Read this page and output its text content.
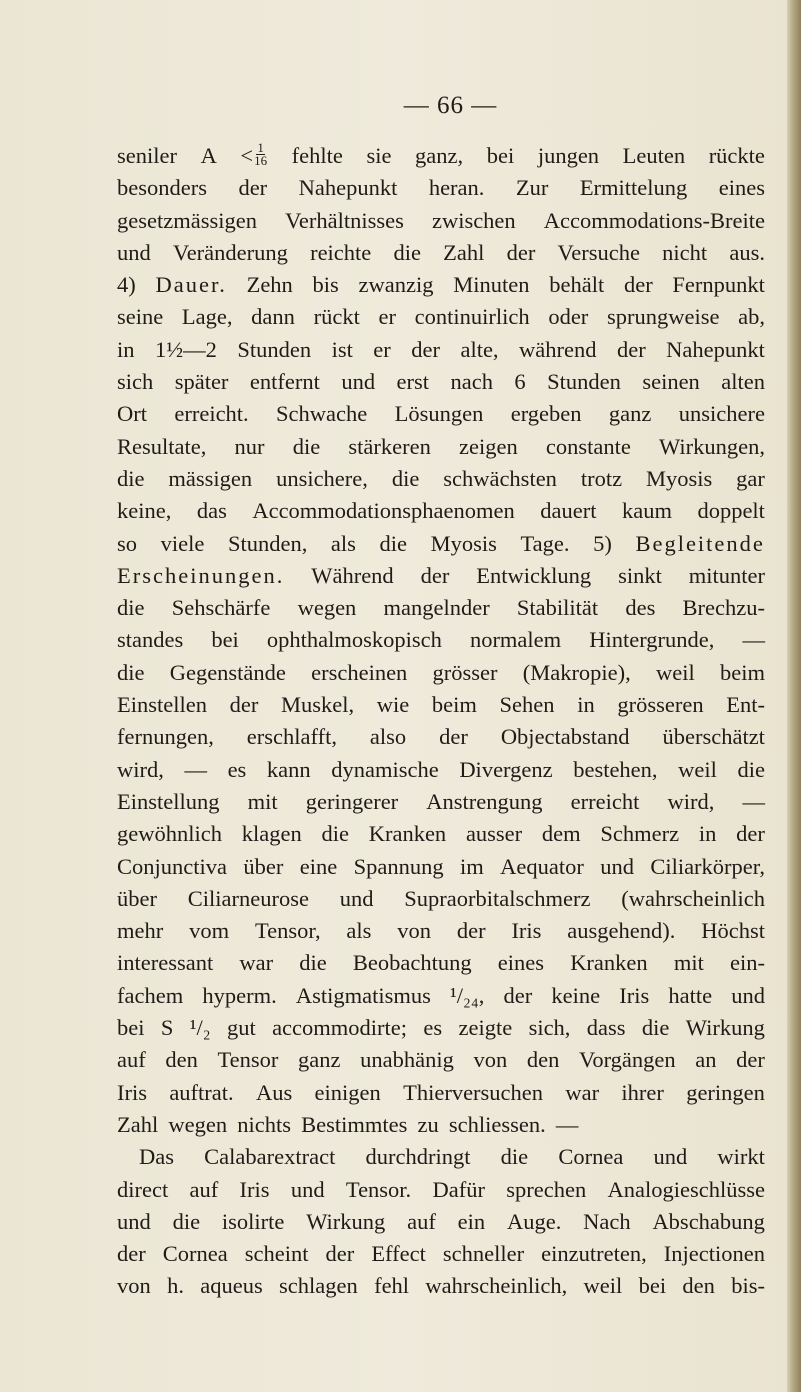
— 66 —
seniler $A < \frac{1}{16}$ fehlte sie ganz, bei jungen Leuten rückte
besonders der Nahepunkt heran. Zur Ermittelung eines
gesetzmässigen Verhältnisses zwischen Accommodations-Breite
und Veränderung reichte die Zahl der Versuche nicht aus.
4) Dauer. Zehn bis zwanzig Minuten behält der Fernpunkt
seine Lage, dann rückt er continuirlich oder sprungweise ab,
in 1½—2 Stunden ist er der alte, während der Nahepunkt
sich später entfernt und erst nach 6 Stunden seinen alten
Ort erreicht. Schwache Lösungen ergeben ganz unsichere
Resultate, nur die stärkeren zeigen constante Wirkungen,
die mässigen unsichere, die schwächsten trotz Myosis gar
keine, das Accommodationsphaenomen dauert kaum doppelt
so viele Stunden, als die Myosis Tage. 5) Begleitende
Erscheinungen. Während der Entwicklung sinkt mitunter
die Sehschärfe wegen mangelnder Stabilität des Brechzu-
standes bei ophthalmoskopisch normalem Hintergrunde, —
die Gegenstände erscheinen grösser (Makropie), weil beim
Einstellen der Muskel, wie beim Sehen in grösseren Ent-
fernungen, erschlafft, also der Objectabstand überschätzt
wird, — es kann dynamische Divergenz bestehen, weil die
Einstellung mit geringerer Anstrengung erreicht wird, —
gewöhnlich klagen die Kranken ausser dem Schmerz in der
Conjunctiva über eine Spannung im Aequator und Ciliarkörper,
über Ciliarneurose und Supraorbitalschmerz (wahrscheinlich
mehr vom Tensor, als von der Iris ausgehend). Höchst
interessant war die Beobachtung eines Kranken mit ein-
fachem hyperm. Astigmatismus ¹/₂₄, der keine Iris hatte und
bei S ¹/₂ gut accommodirte; es zeigte sich, dass die Wirkung
auf den Tensor ganz unabhänig von den Vorgängen an der
Iris auftrat. Aus einigen Thierversuchen war ihrer geringen
Zahl wegen nichts Bestimmtes zu schliessen. —
Das Calabarextract durchdringt die Cornea und wirkt
direct auf Iris und Tensor. Dafür sprechen Analogieschlüsse
und die isolirte Wirkung auf ein Auge. Nach Abschabung
der Cornea scheint der Effect schneller einzutreten, Injectionen
von h. aqueus schlagen fehl wahrscheinlich, weil bei den bis-
